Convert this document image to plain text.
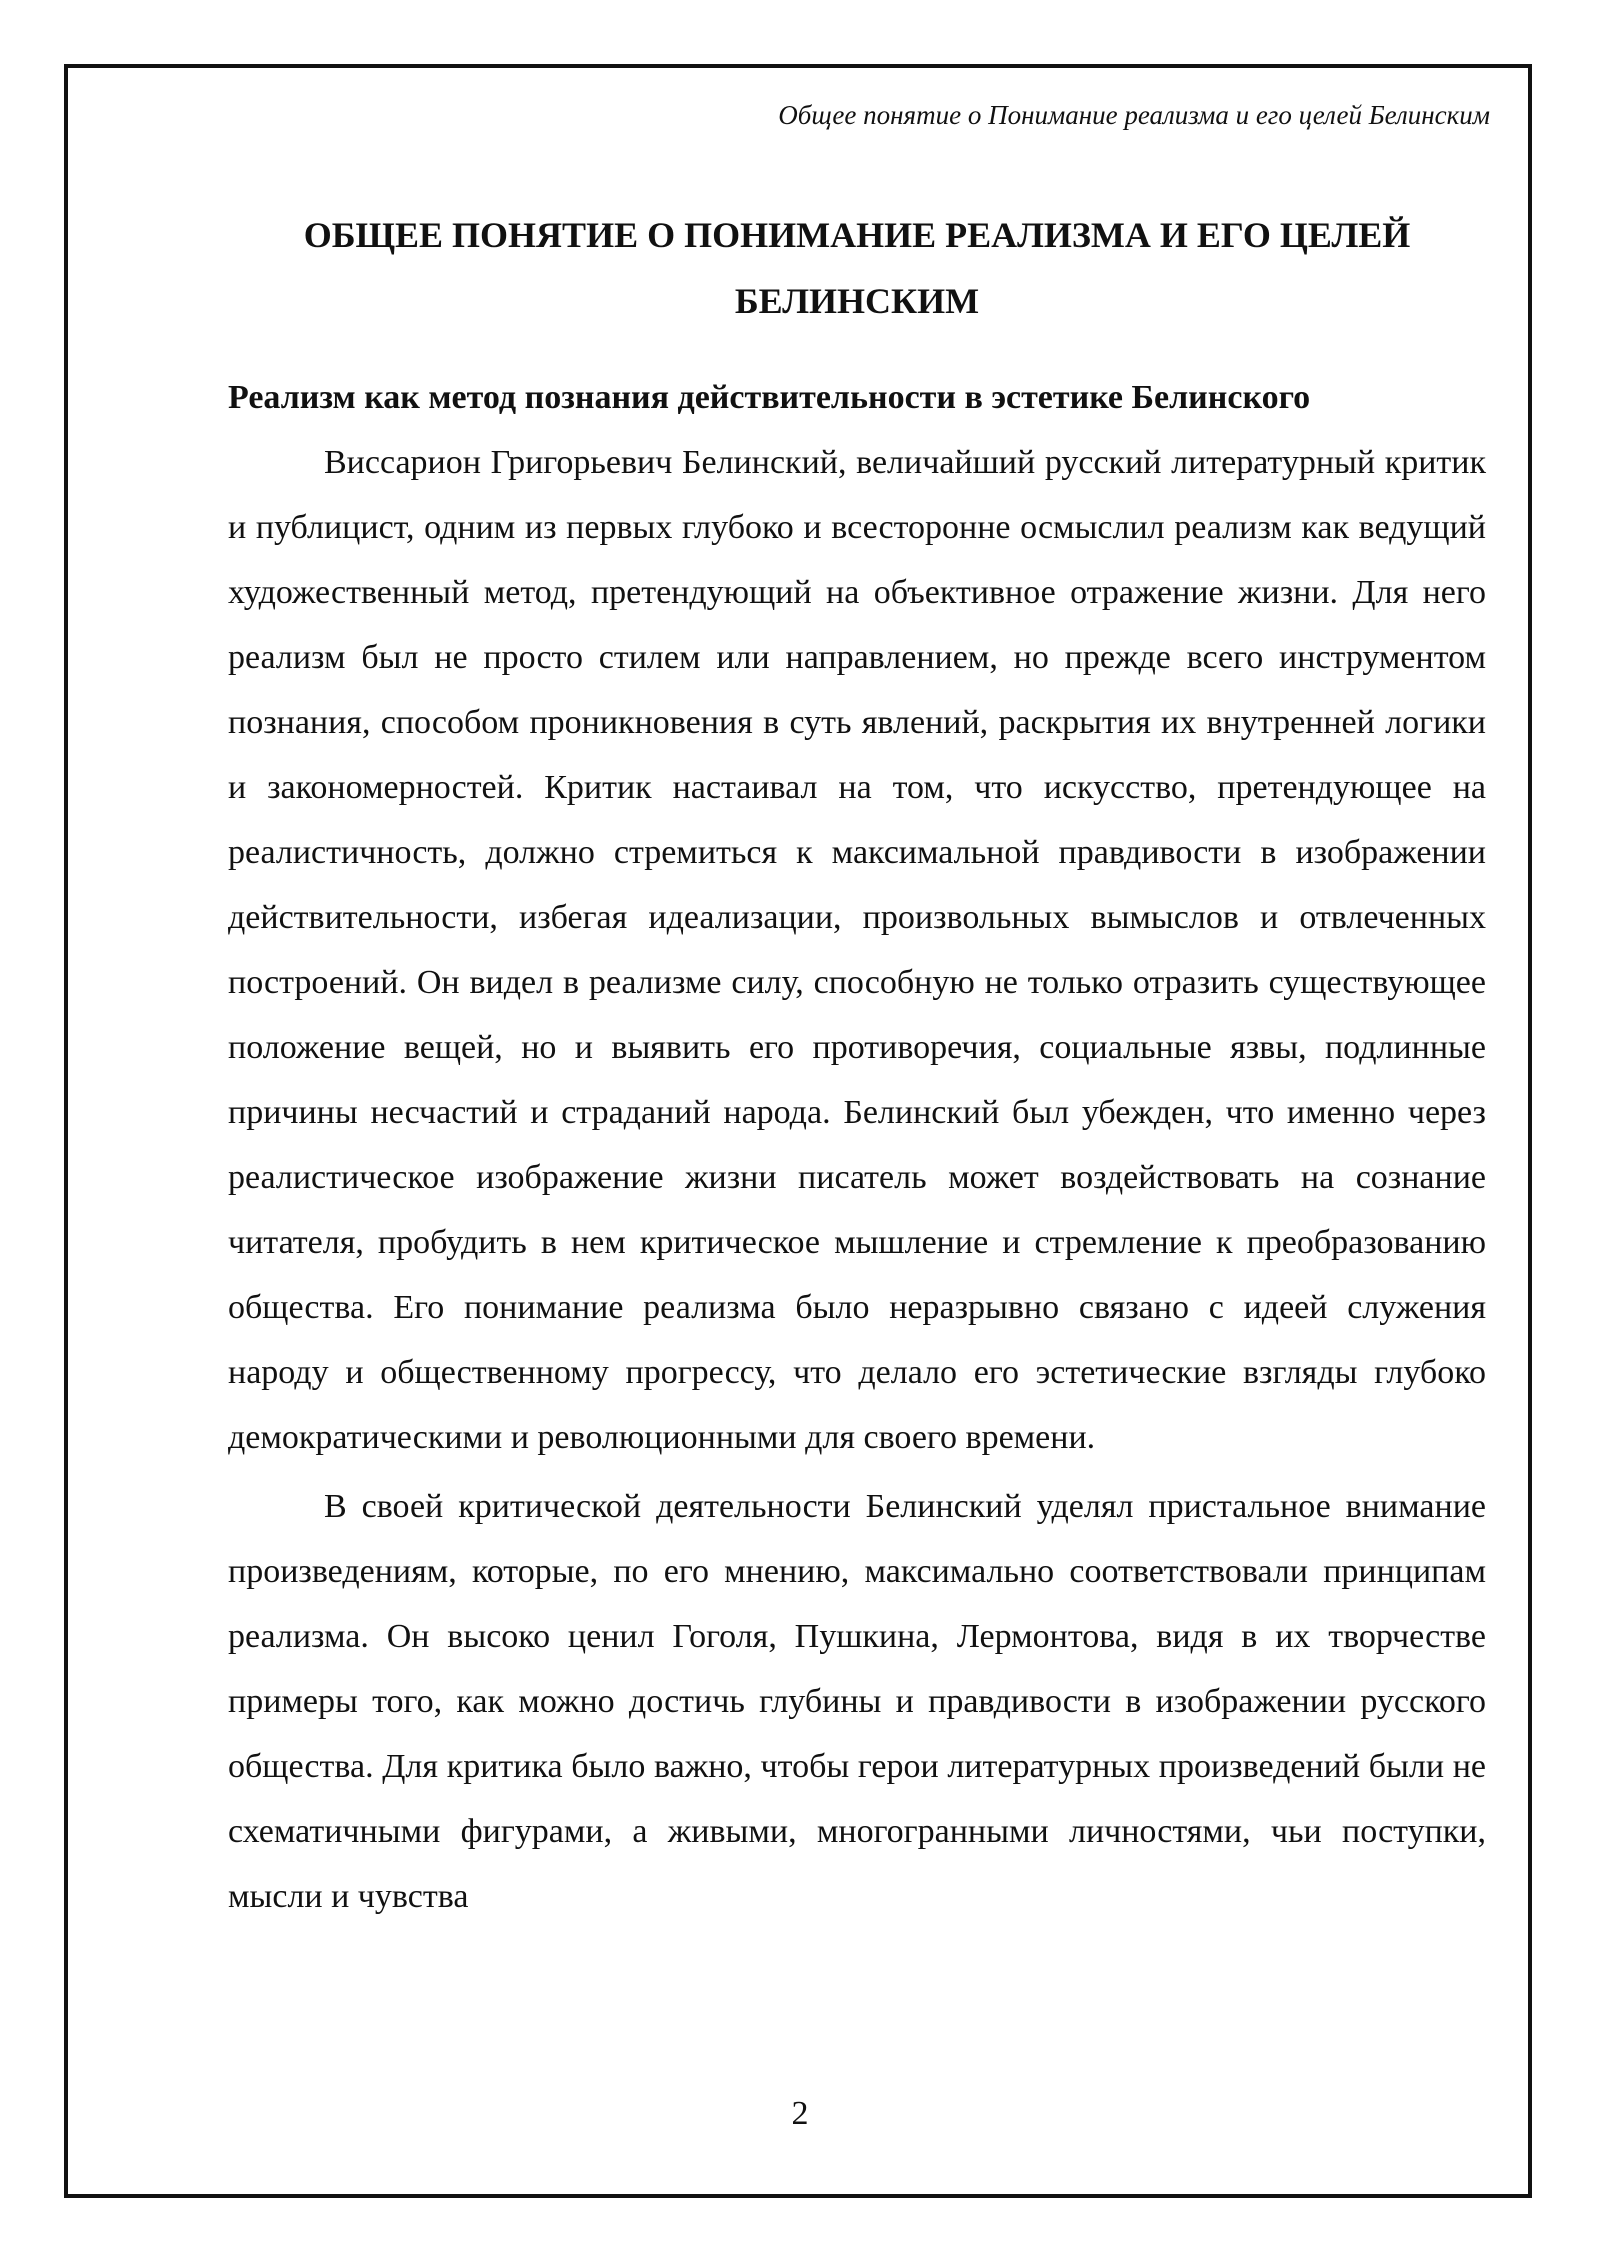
Общее понятие о Понимание реализма и его целей Белинским
ОБЩЕЕ ПОНЯТИЕ О ПОНИМАНИЕ РЕАЛИЗМА И ЕГО ЦЕЛЕЙ БЕЛИНСКИМ
Реализм как метод познания действительности в эстетике Белинского

Виссарион Григорьевич Белинский, величайший русский литературный критик и публицист, одним из первых глубоко и всесторонне осмыслил реализм как ведущий художественный метод, претендующий на объективное отражение жизни. Для него реализм был не просто стилем или направлением, но прежде всего инструментом познания, способом проникновения в суть явлений, раскрытия их внутренней логики и закономерностей. Критик настаивал на том, что искусство, претендующее на реалистичность, должно стремиться к максимальной правдивости в изображении действительности, избегая идеализации, произвольных вымыслов и отвлеченных построений. Он видел в реализме силу, способную не только отразить существующее положение вещей, но и выявить его противоречия, социальные язвы, подлинные причины несчастий и страданий народа. Белинский был убежден, что именно через реалистическое изображение жизни писатель может воздействовать на сознание читателя, пробудить в нем критическое мышление и стремление к преобразованию общества. Его понимание реализма было неразрывно связано с идеей служения народу и общественному прогрессу, что делало его эстетические взгляды глубоко демократическими и революционными для своего времени.

В своей критической деятельности Белинский уделял пристальное внимание произведениям, которые, по его мнению, максимально соответствовали принципам реализма. Он высоко ценил Гоголя, Пушкина, Лермонтова, видя в их творчестве примеры того, как можно достичь глубины и правдивости в изображении русского общества. Для критика было важно, чтобы герои литературных произведений были не схематичными фигурами, а живыми, многогранными личностями, чьи поступки, мысли и чувства

2
